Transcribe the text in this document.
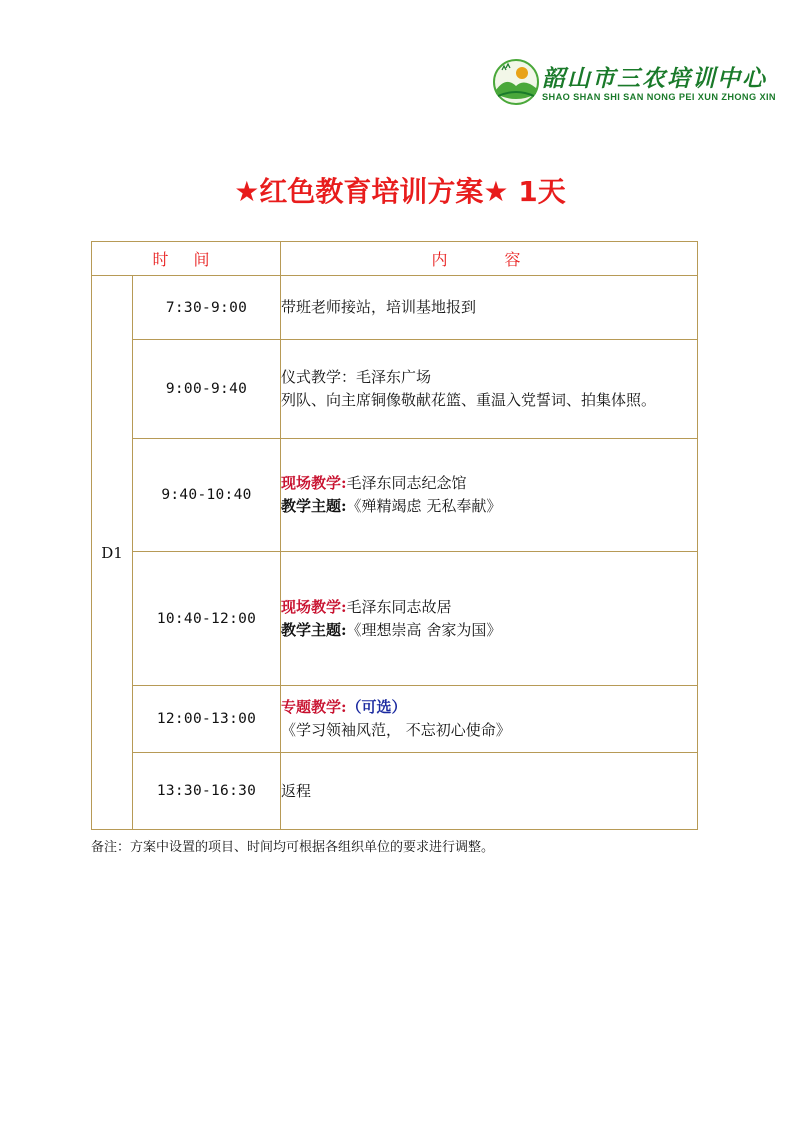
韶山市三农培训中心
SHAO SHAN SHI SAN NONG PEI XUN ZHONG XIN
★红色教育培训方案★ 1天
时 间		内 容
D1	7:30-9:00	带班老师接站，培训基地报到

	9:00-9:40	仪式教学：毛泽东广场
列队、向主席铜像敬献花篮、重温入党誓词、拍集体照。

	9:40-10:40	现场教学:毛泽东同志纪念馆
教学主题:《殚精竭虑 无私奉献》

	10:40-12:00	现场教学:毛泽东同志故居
教学主题:《理想崇高 舍家为国》

	12:00-13:00	专题教学:（可选）
《学习领袖风范， 不忘初心使命》

	13:30-16:30	返程
备注：方案中设置的项目、时间均可根据各组织单位的要求进行调整。
